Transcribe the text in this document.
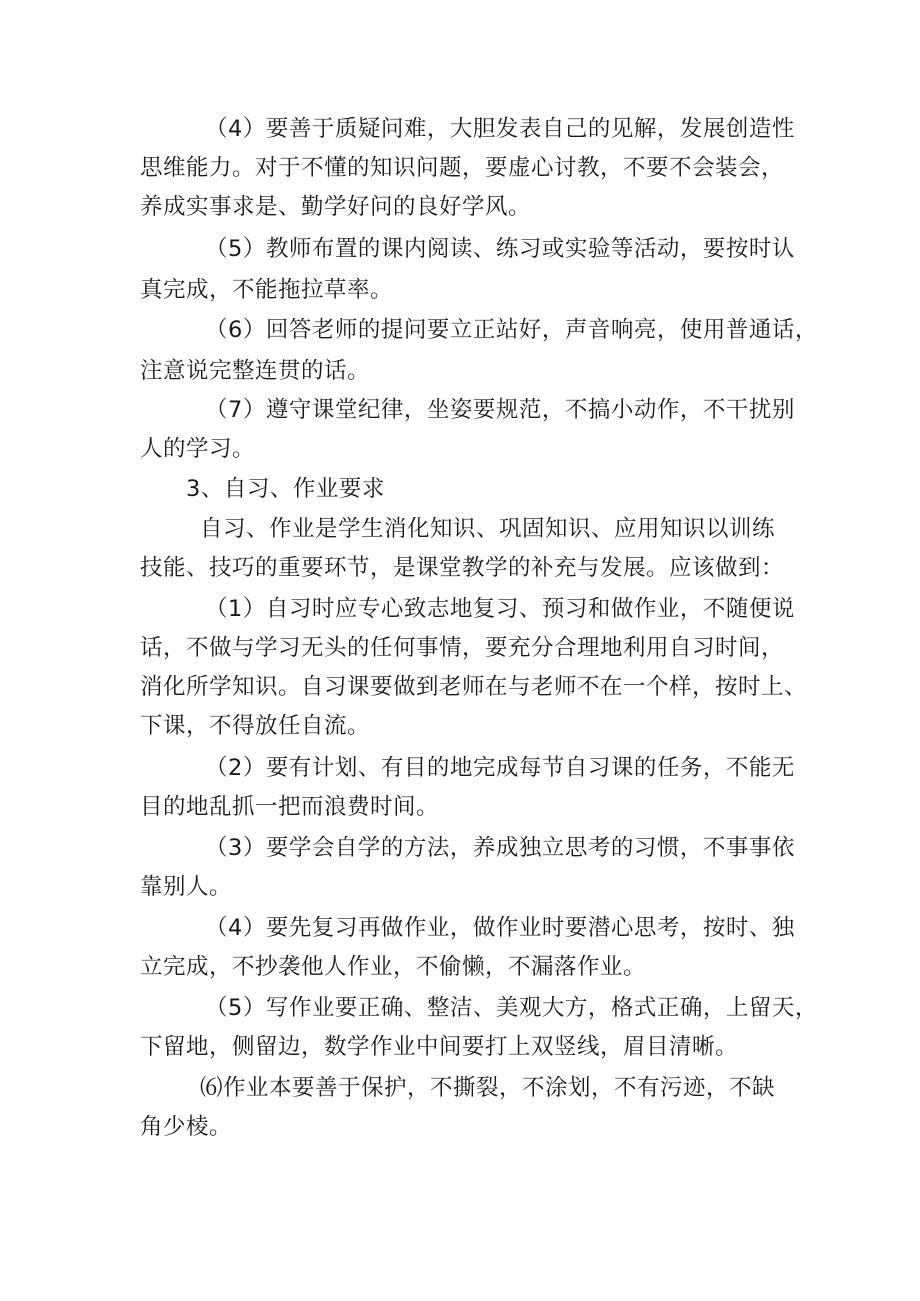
（4）要善于质疑问难，大胆发表自己的见解，发展创造性
思维能力。对于不懂的知识问题，要虚心讨教，不要不会装会，
养成实事求是、勤学好问的良好学风。
（5）教师布置的课内阅读、练习或实验等活动，要按时认
真完成，不能拖拉草率。
（6）回答老师的提问要立正站好，声音响亮，使用普通话，
注意说完整连贯的话。
（7）遵守课堂纪律，坐姿要规范，不搞小动作，不干扰别
人的学习。
3、自习、作业要求
自习、作业是学生消化知识、巩固知识、应用知识以训练
技能、技巧的重要环节，是课堂教学的补充与发展。应该做到：
（1）自习时应专心致志地复习、预习和做作业，不随便说
话，不做与学习无头的任何事情，要充分合理地利用自习时间，
消化所学知识。自习课要做到老师在与老师不在一个样，按时上、
下课，不得放任自流。
（2）要有计划、有目的地完成每节自习课的任务，不能无
目的地乱抓一把而浪费时间。
（3）要学会自学的方法，养成独立思考的习惯，不事事依
靠别人。
（4）要先复习再做作业，做作业时要潜心思考，按时、独
立完成，不抄袭他人作业，不偷懒，不漏落作业。
（5）写作业要正确、整洁、美观大方，格式正确，上留天，
下留地，侧留边，数学作业中间要打上双竖线，眉目清晰。
⑹作业本要善于保护，不撕裂，不涂划，不有污迹，不缺
角少棱。
